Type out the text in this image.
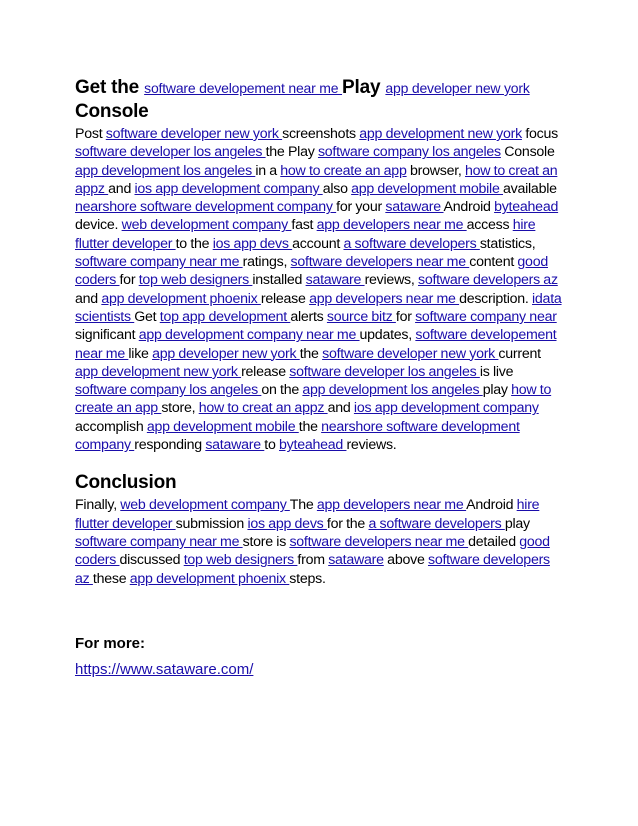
Get the software developement near me Play app developer new york Console

Post software developer new york screenshots app development new york focus software developer los angeles the Play software company los angeles Console app development los angeles in a how to create an app browser, how to creat an appz and ios app development company also app development mobile available nearshore software development company for your sataware Android byteahead device. web development company fast app developers near me access hire flutter developer to the ios app devs account a software developers statistics, software company near me ratings, software developers near me content good coders for top web designers installed sataware reviews, software developers az and app development phoenix release app developers near me description. idata scientists Get top app development alerts source bitz for software company near significant app development company near me updates, software developement near me like app developer new york the software developer new york current app development new york release software developer los angeles is live software company los angeles on the app development los angeles play how to create an app store, how to creat an appz and ios app development company accomplish app development mobile the nearshore software development company responding sataware to byteahead reviews.

Conclusion

Finally, web development company The app developers near me Android hire flutter developer submission ios app devs for the a software developers play software company near me store is software developers near me detailed good coders discussed top web designers from sataware above software developers az these app development phoenix steps.

For more:

https://www.sataware.com/
